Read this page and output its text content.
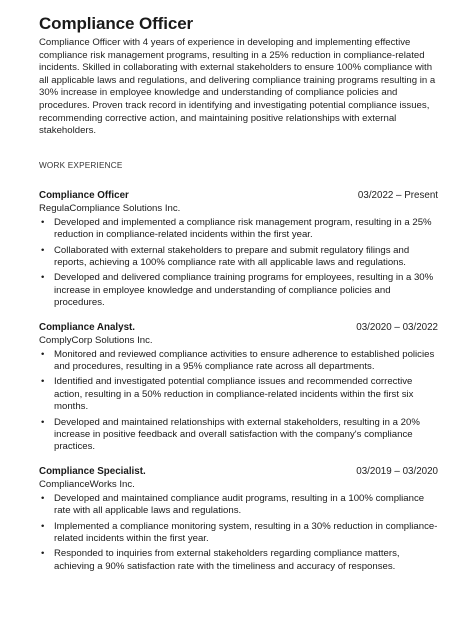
Compliance Officer

Compliance Officer with 4 years of experience in developing and implementing effective compliance risk management programs, resulting in a 25% reduction in compliance-related incidents. Skilled in collaborating with external stakeholders to ensure 100% compliance with all applicable laws and regulations, and delivering compliance training programs resulting in a 30% increase in employee knowledge and understanding of compliance policies and procedures. Proven track record in identifying and investigating potential compliance issues, recommending corrective action, and maintaining positive relationships with external stakeholders.

WORK EXPERIENCE
Compliance Officer	03/2022 – Present
RegulaCompliance Solutions Inc.
• Developed and implemented a compliance risk management program, resulting in a 25% reduction in compliance-related incidents within the first year.
• Collaborated with external stakeholders to prepare and submit regulatory filings and reports, achieving a 100% compliance rate with all applicable laws and regulations.
• Developed and delivered compliance training programs for employees, resulting in a 30% increase in employee knowledge and understanding of compliance policies and procedures.
Compliance Analyst.	03/2020 – 03/2022
ComplyCorp Solutions Inc.
• Monitored and reviewed compliance activities to ensure adherence to established policies and procedures, resulting in a 95% compliance rate across all departments.
• Identified and investigated potential compliance issues and recommended corrective action, resulting in a 50% reduction in compliance-related incidents within the first six months.
• Developed and maintained relationships with external stakeholders, resulting in a 20% increase in positive feedback and overall satisfaction with the company's compliance practices.
Compliance Specialist.	03/2019 – 03/2020
ComplianceWorks Inc.
• Developed and maintained compliance audit programs, resulting in a 100% compliance rate with all applicable laws and regulations.
• Implemented a compliance monitoring system, resulting in a 30% reduction in compliance-related incidents within the first year.
• Responded to inquiries from external stakeholders regarding compliance matters, achieving a 90% satisfaction rate with the timeliness and accuracy of responses.
